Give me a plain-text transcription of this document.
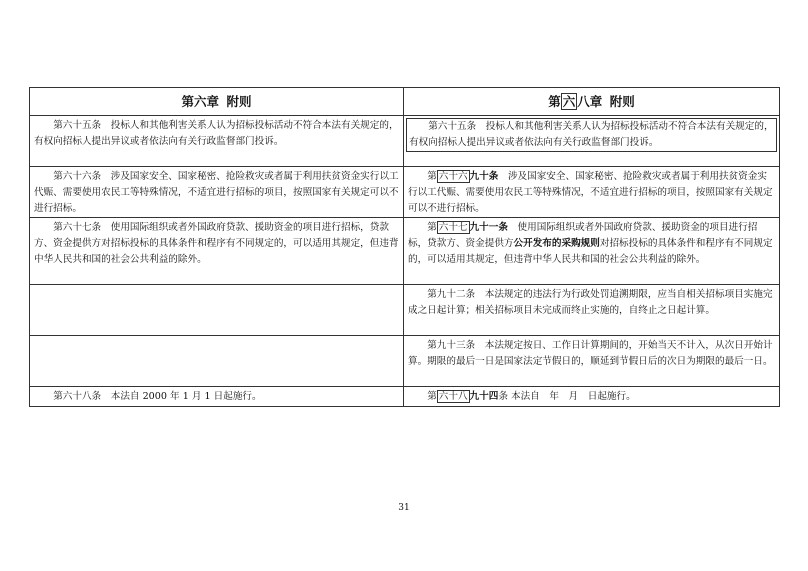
第六章 附则	第 六 八章 附则
第六十五条　投标人和其他利害关系人认为招标投标活动不符合本法有关规定的，有权向招标人提出异议或者依法向有关行政监督部门投诉。	第六十五条　投标人和其他利害关系人认为招标投标活动不符合本法有关规定的，有权向招标人提出异议或者依法向有关行政监督部门投诉。

第六十六条　涉及国家安全、国家秘密、抢险救灾或者属于利用扶贫资金实行以工代赈、需要使用农民工等特殊情况，不适宜进行招标的项目，按照国家有关规定可以不进行招标。	第 六十六 九十条　 涉及国家安全、国家秘密、抢险救灾或者属于利用扶贫资金实行以工代赈、需要使用农民工等特殊情况，不适宜进行招标的项目，按照国家有关规定可以不进行招标。
第六十七条　使用国际组织或者外国政府贷款、援助资金的项目进行招标，贷款方、资金提供方对招标投标的具体条件和程序有不同规定的，可以适用其规定，但违背中华人民共和国的社会公共利益的除外。	第 六十七 九十一条　 使用国际组织或者外国政府贷款、援助资金的项目进行招标，贷款方、资金提供方公开发布的采购规则对招标投标的具体条件和程序有不同规定的，可以适用其规定，但违背中华人民共和国的社会公共利益的除外。
	第九十二条　本法规定的违法行为行政处罚追溯期限，应当自相关招标项目实施完成之日起计算；相关招标项目未完成而终止实施的，自终止之日起计算。
	第九十三条　本法规定按日、工作日计算期间的，开始当天不计入，从次日开始计算。期限的最后一日是国家法定节假日的，顺延到节假日后的次日为期限的最后一日。
第六十八条　本法自 2000 年 1 月 1 日起施行。	第 六十八 九十四条 本法自　年　月　日起施行。
31
